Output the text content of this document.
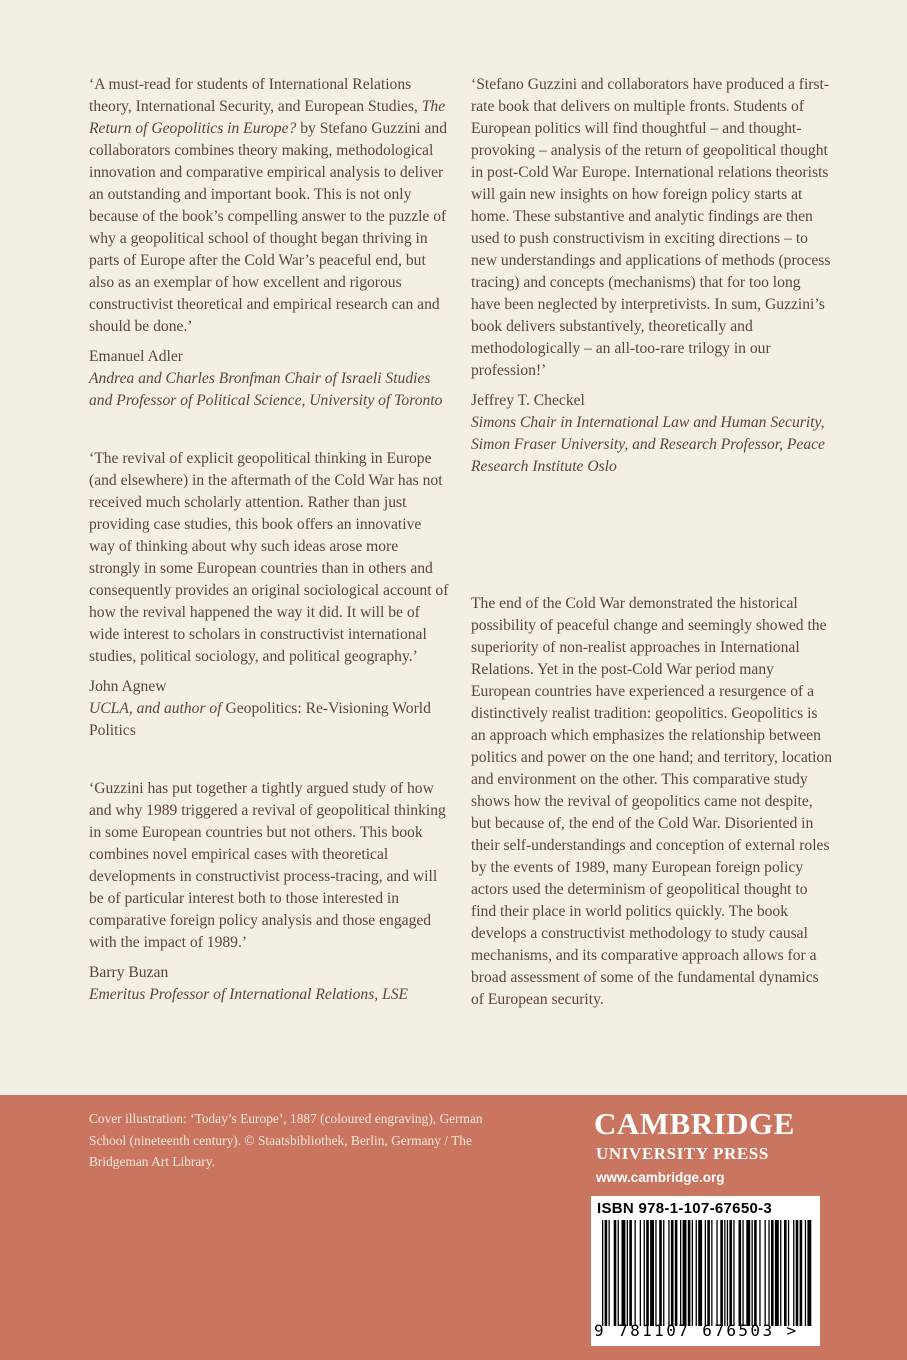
‘A must-read for students of International Relations theory, International Security, and European Studies, The Return of Geopolitics in Europe? by Stefano Guzzini and collaborators combines theory making, methodological innovation and comparative empirical analysis to deliver an outstanding and important book. This is not only because of the book’s compelling answer to the puzzle of why a geopolitical school of thought began thriving in parts of Europe after the Cold War’s peaceful end, but also as an exemplar of how excellent and rigorous constructivist theoretical and empirical research can and should be done.’

Emanuel Adler

Andrea and Charles Bronfman Chair of Israeli Studies and Professor of Political Science, University of Toronto

‘The revival of explicit geopolitical thinking in Europe (and elsewhere) in the aftermath of the Cold War has not received much scholarly attention. Rather than just providing case studies, this book offers an innovative way of thinking about why such ideas arose more strongly in some European countries than in others and consequently provides an original sociological account of how the revival happened the way it did. It will be of wide interest to scholars in constructivist international studies, political sociology, and political geography.’

John Agnew

UCLA, and author of Geopolitics: Re-Visioning World Politics

‘Guzzini has put together a tightly argued study of how and why 1989 triggered a revival of geopolitical thinking in some European countries but not others. This book combines novel empirical cases with theoretical developments in constructivist process-tracing, and will be of particular interest both to those interested in comparative foreign policy analysis and those engaged with the impact of 1989.’

Barry Buzan

Emeritus Professor of International Relations, LSE

‘Stefano Guzzini and collaborators have produced a first-rate book that delivers on multiple fronts. Students of European politics will find thoughtful – and thought-provoking – analysis of the return of geopolitical thought in post-Cold War Europe. International relations theorists will gain new insights on how foreign policy starts at home. These substantive and analytic findings are then used to push constructivism in exciting directions – to new understandings and applications of methods (process tracing) and concepts (mechanisms) that for too long have been neglected by interpretivists. In sum, Guzzini’s book delivers substantively, theoretically and methodologically – an all-too-rare trilogy in our profession!’

Jeffrey T. Checkel

Simons Chair in International Law and Human Security, Simon Fraser University, and Research Professor, Peace Research Institute Oslo

The end of the Cold War demonstrated the historical possibility of peaceful change and seemingly showed the superiority of non-realist approaches in International Relations. Yet in the post-Cold War period many European countries have experienced a resurgence of a distinctively realist tradition: geopolitics. Geopolitics is an approach which emphasizes the relationship between politics and power on the one hand; and territory, location and environment on the other. This comparative study shows how the revival of geopolitics came not despite, but because of, the end of the Cold War. Disoriented in their self-understandings and conception of external roles by the events of 1989, many European foreign policy actors used the determinism of geopolitical thought to find their place in world politics quickly. The book develops a constructivist methodology to study causal mechanisms, and its comparative approach allows for a broad assessment of some of the fundamental dynamics of European security.

Cover illustration: ‘Today’s Europe’, 1887 (coloured engraving), German School (nineteenth century). © Staatsbibliothek, Berlin, Germany / The Bridgeman Art Library.
CAMBRIDGE
UNIVERSITY PRESS
www.cambridge.org
ISBN 978-1-107-67650-3
9 781107 676503 >
